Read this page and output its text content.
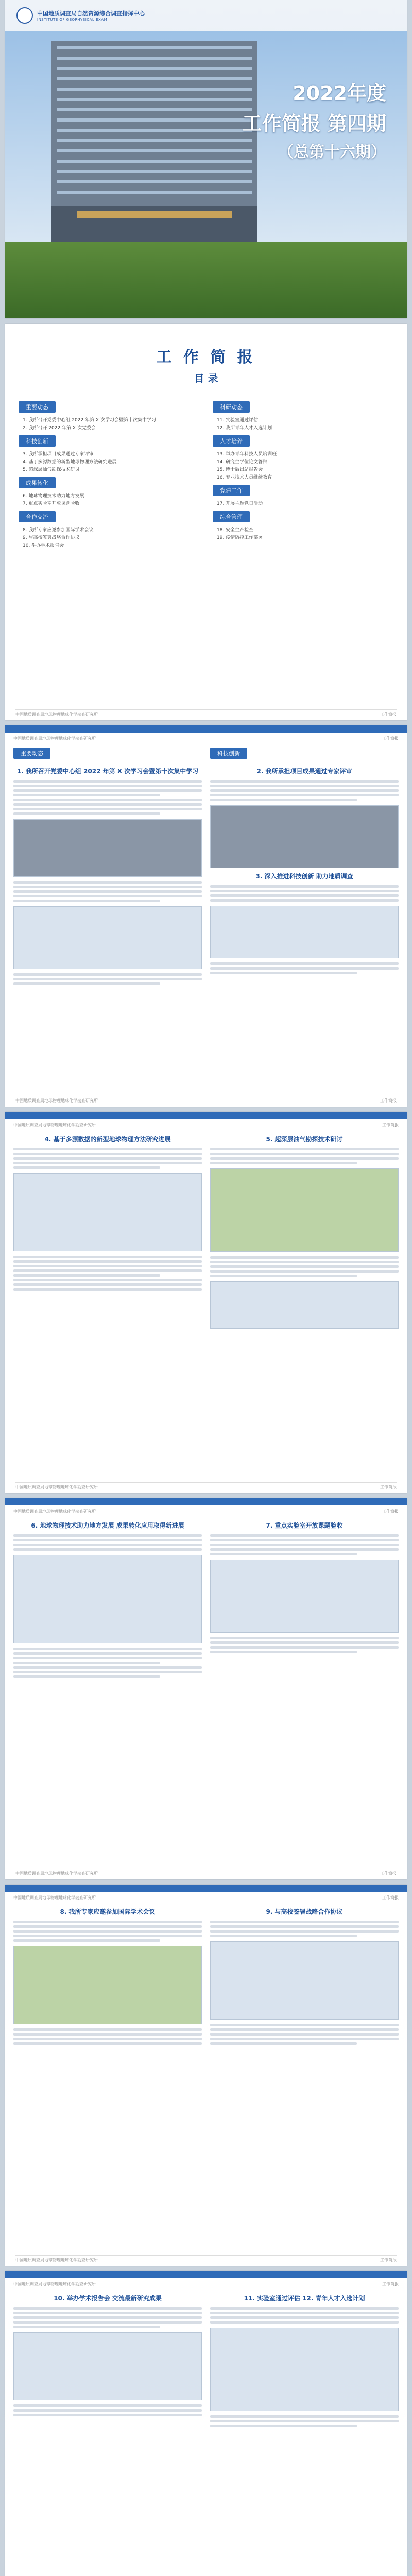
中国地质调查局自然资源综合调查指挥中心
INSTITUTE OF GEOPHYSICAL EXAM
2022年度
工作简报 第四期
（总第十六期）
工 作 简 报
目 录
重要动态
1. 我所召开党委中心组 2022 年第 X 次学习会暨第十次集中学习
2. 我所召开 2022 年第 X 次党委会
科技创新
3. 我所承担项目成果通过专家评审
4. 基于多源数据的新型地球物理方法研究进展
5. 超深层油气勘探技术研讨
成果转化
6. 地球物理技术助力地方发展
7. 重点实验室开放课题验收
合作交流
8. 我所专家应邀参加国际学术会议
9. 与高校签署战略合作协议
10. 举办学术报告会
科研动态
11. 实验室通过评估
12. 我所青年人才入选计划
人才培养
13. 举办青年科技人员培训班
14. 研究生学位论文答辩
15. 博士后出站报告会
16. 专业技术人员继续教育
党建工作
17. 开展主题党日活动
综合管理
18. 安全生产检查
19. 疫情防控工作部署
中国地质调查局地球物理地球化学勘查研究所	工作简报
中国地质调查局地球物理地球化学勘查研究所	工作简报
重要动态
1. 我所召开党委中心组 2022 年第 X 次学习会暨第十次集中学习
科技创新
2. 我所承担项目成果通过专家评审
3. 深入推进科技创新 助力地质调查
中国地质调查局地球物理地球化学勘查研究所	工作简报
中国地质调查局地球物理地球化学勘查研究所	工作简报
4. 基于多源数据的新型地球物理方法研究进展	5. 超深层油气勘探技术研讨
中国地质调查局地球物理地球化学勘查研究所	工作简报
中国地质调查局地球物理地球化学勘查研究所	工作简报
6. 地球物理技术助力地方发展 成果转化应用取得新进展	7. 重点实验室开放课题验收
中国地质调查局地球物理地球化学勘查研究所	工作简报
中国地质调查局地球物理地球化学勘查研究所	工作简报
8. 我所专家应邀参加国际学术会议	9. 与高校签署战略合作协议
中国地质调查局地球物理地球化学勘查研究所	工作简报
中国地质调查局地球物理地球化学勘查研究所	工作简报
10. 举办学术报告会 交流最新研究成果	11. 实验室通过评估 12. 青年人才入选计划
